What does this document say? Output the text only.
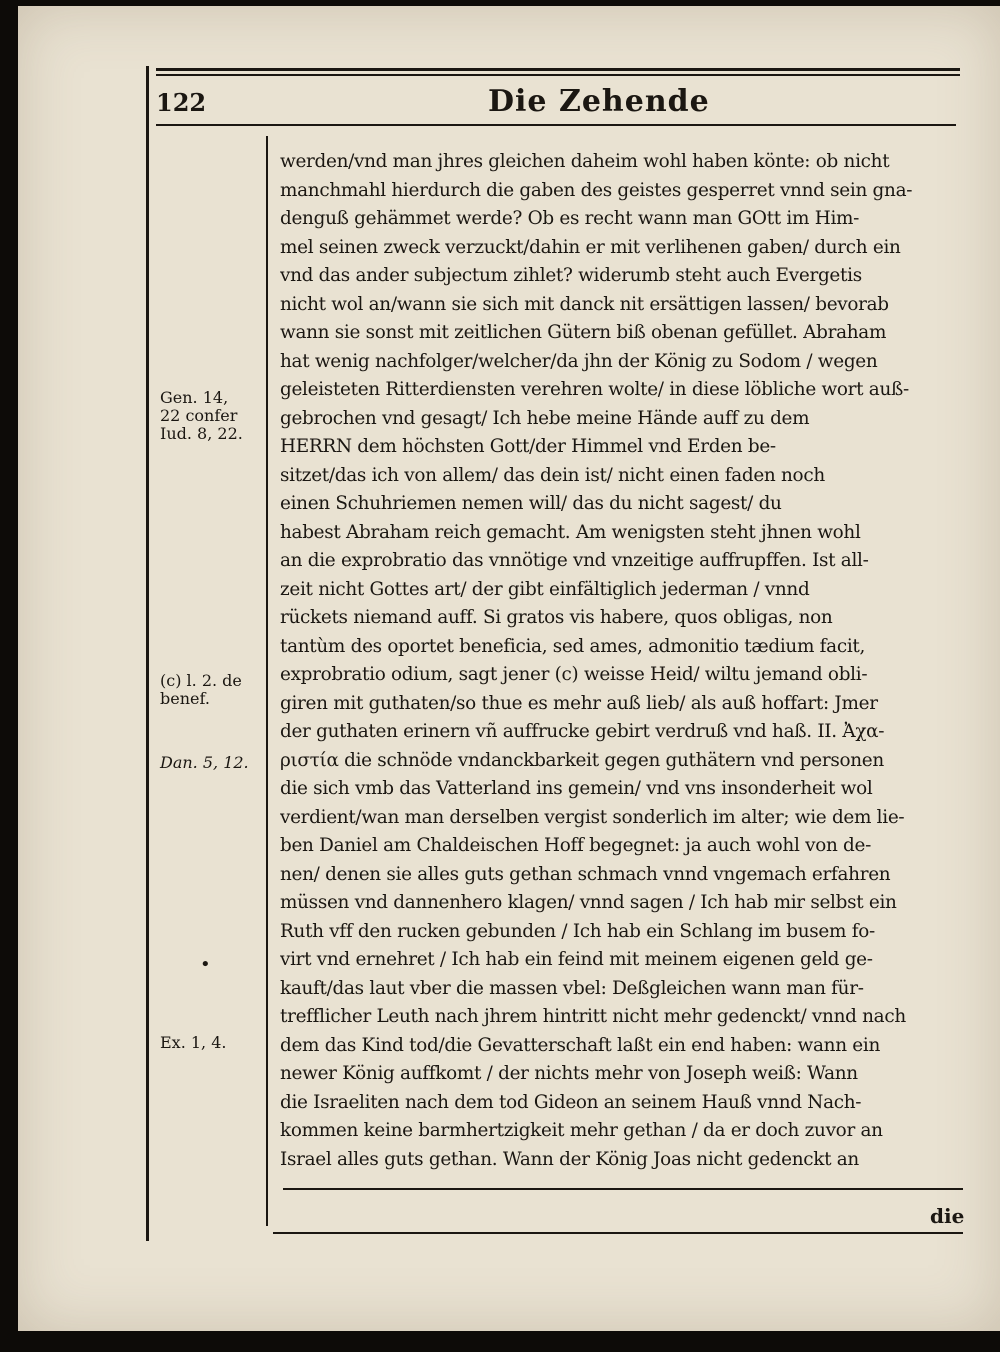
122	Die Zehende
Gen. 14,
22 confer
Iud. 8, 22.
(c) l. 2. de
benef.
Dan. 5, 12.
•
Ex. 1, 4.
werden/vnd man jhres gleichen daheim wohl haben könte: ob nicht
manchmahl hierdurch die gaben des geistes gesperret vnnd sein gna-
denguß gehämmet werde? Ob es recht wann man GOtt im Him-
mel seinen zweck verzuckt/dahin er mit verlihenen gaben/ durch ein
vnd das ander subjectum zihlet? widerumb steht auch Evergetis
nicht wol an/wann sie sich mit danck nit ersättigen lassen/ bevorab
wann sie sonst mit zeitlichen Gütern biß obenan gefüllet. Abraham
hat wenig nachfolger/welcher/da jhn der König zu Sodom / wegen
geleisteten Ritterdiensten verehren wolte/ in diese löbliche wort auß-
gebrochen vnd gesagt/ Ich hebe meine Hände auff zu dem
HERRN dem höchsten Gott/der Himmel vnd Erden be-
sitzet/das ich von allem/ das dein ist/ nicht einen faden noch
einen Schuhriemen nemen will/ das du nicht sagest/ du
habest Abraham reich gemacht. Am wenigsten steht jhnen wohl
an die exprobratio das vnnötige vnd vnzeitige auffrupffen. Ist all-
zeit nicht Gottes art/ der gibt einfältiglich jederman / vnnd
rückets niemand auff. Si gratos vis habere, quos obligas, non
tantùm des oportet beneficia, sed ames, admonitio tædium facit,
exprobratio odium, sagt jener (c) weisse Heid/ wiltu jemand obli-
giren mit guthaten/so thue es mehr auß lieb/ als auß hoffart: Jmer
der guthaten erinern vñ auffrucke gebirt verdruß vnd haß. II. Ἀχα-
ριστία die schnöde vndanckbarkeit gegen guthätern vnd personen
die sich vmb das Vatterland ins gemein/ vnd vns insonderheit wol
verdient/wan man derselben vergist sonderlich im alter; wie dem lie-
ben Daniel am Chaldeischen Hoff begegnet: ja auch wohl von de-
nen/ denen sie alles guts gethan schmach vnnd vngemach erfahren
müssen vnd dannenhero klagen/ vnnd sagen / Ich hab mir selbst ein
Ruth vff den rucken gebunden / Ich hab ein Schlang im busem fo-
virt vnd ernehret / Ich hab ein feind mit meinem eigenen geld ge-
kauft/das laut vber die massen vbel: Deßgleichen wann man für-
trefflicher Leuth nach jhrem hintritt nicht mehr gedenckt/ vnnd nach
dem das Kind tod/die Gevatterschaft laßt ein end haben: wann ein
newer König auffkomt / der nichts mehr von Joseph weiß: Wann
die Israeliten nach dem tod Gideon an seinem Hauß vnnd Nach-
kommen keine barmhertzigkeit mehr gethan / da er doch zuvor an
Israel alles guts gethan. Wann der König Joas nicht gedenckt an
die
